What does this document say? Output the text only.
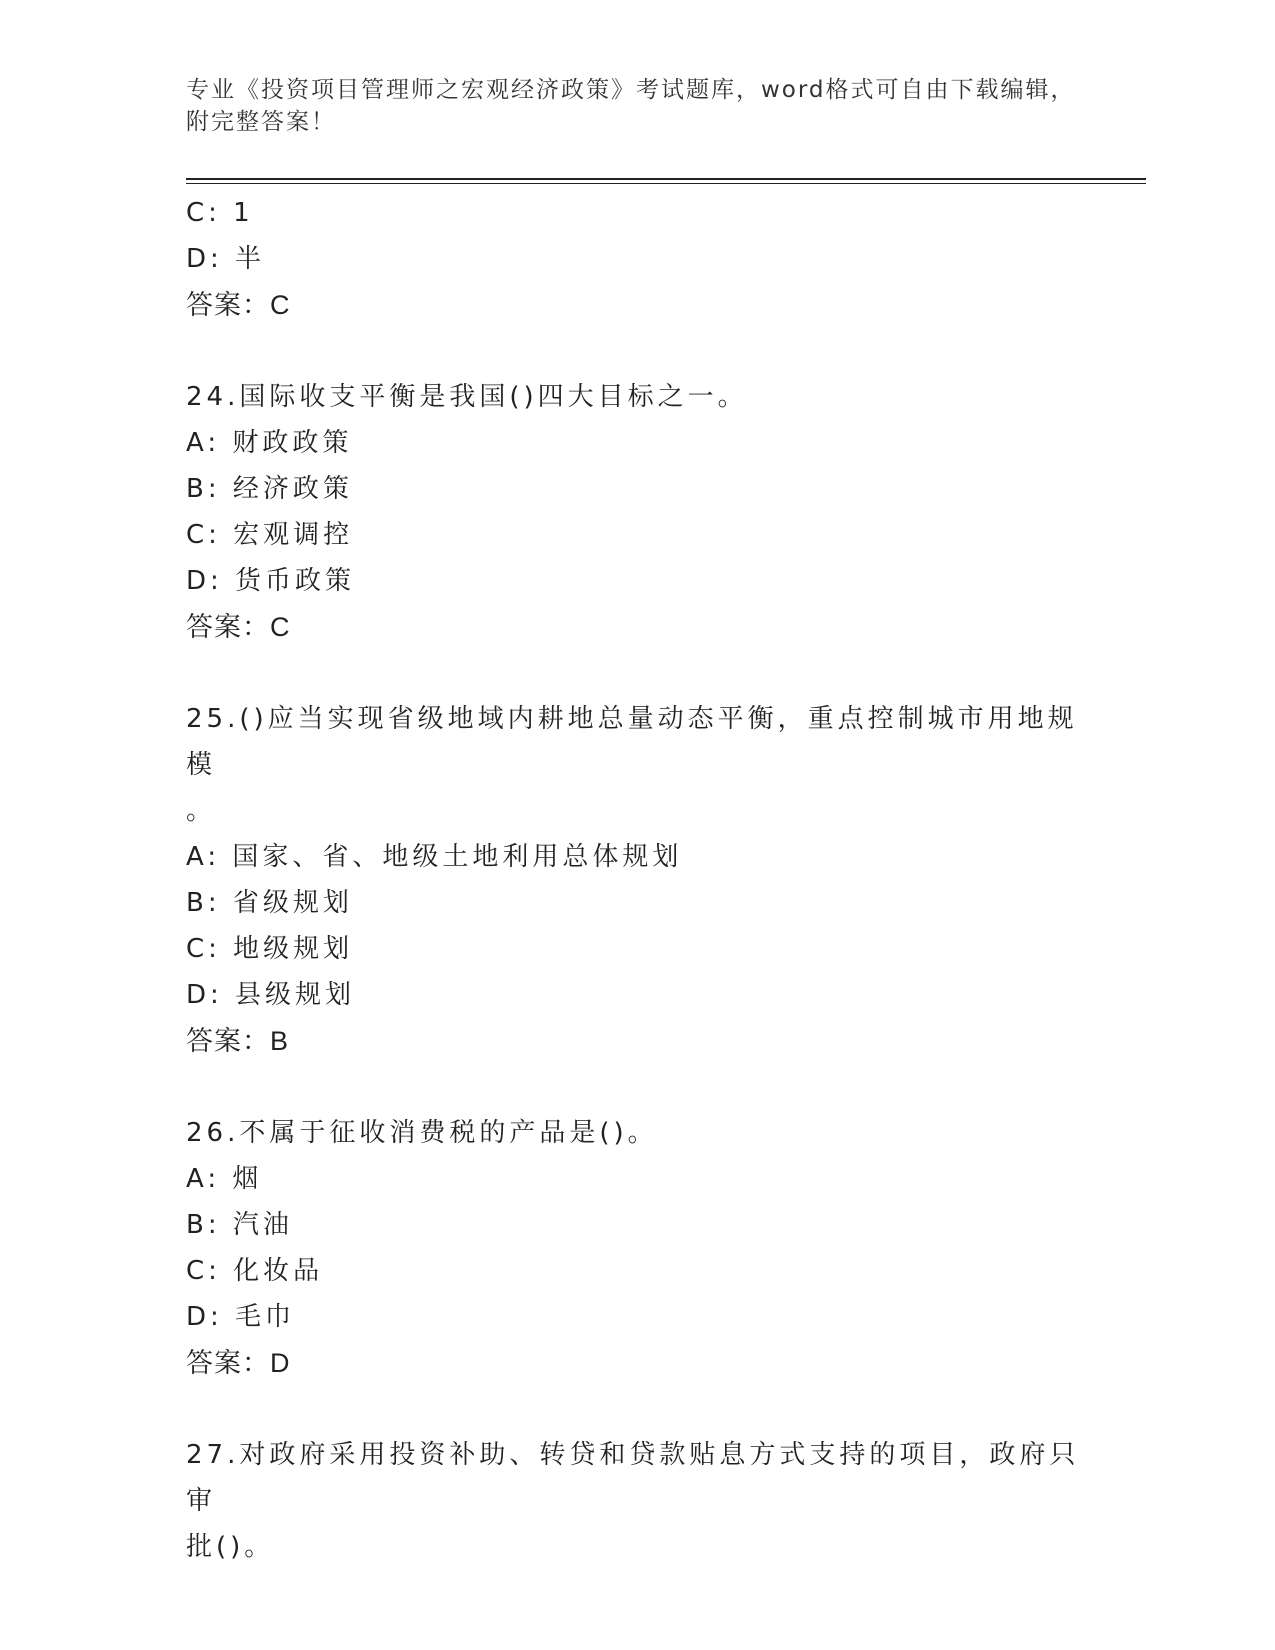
专业《投资项目管理师之宏观经济政策》考试题库，word格式可自由下载编辑，
附完整答案！
C: 1
D: 半
答案：C
24.国际收支平衡是我国()四大目标之一。
A: 财政政策
B: 经济政策
C: 宏观调控
D: 货币政策
答案：C
25.()应当实现省级地域内耕地总量动态平衡，重点控制城市用地规模
。
A: 国家、省、地级土地利用总体规划
B: 省级规划
C: 地级规划
D: 县级规划
答案：B
26.不属于征收消费税的产品是()。
A: 烟
B: 汽油
C: 化妆品
D: 毛巾
答案：D
27.对政府采用投资补助、转贷和贷款贴息方式支持的项目，政府只审
批()。
